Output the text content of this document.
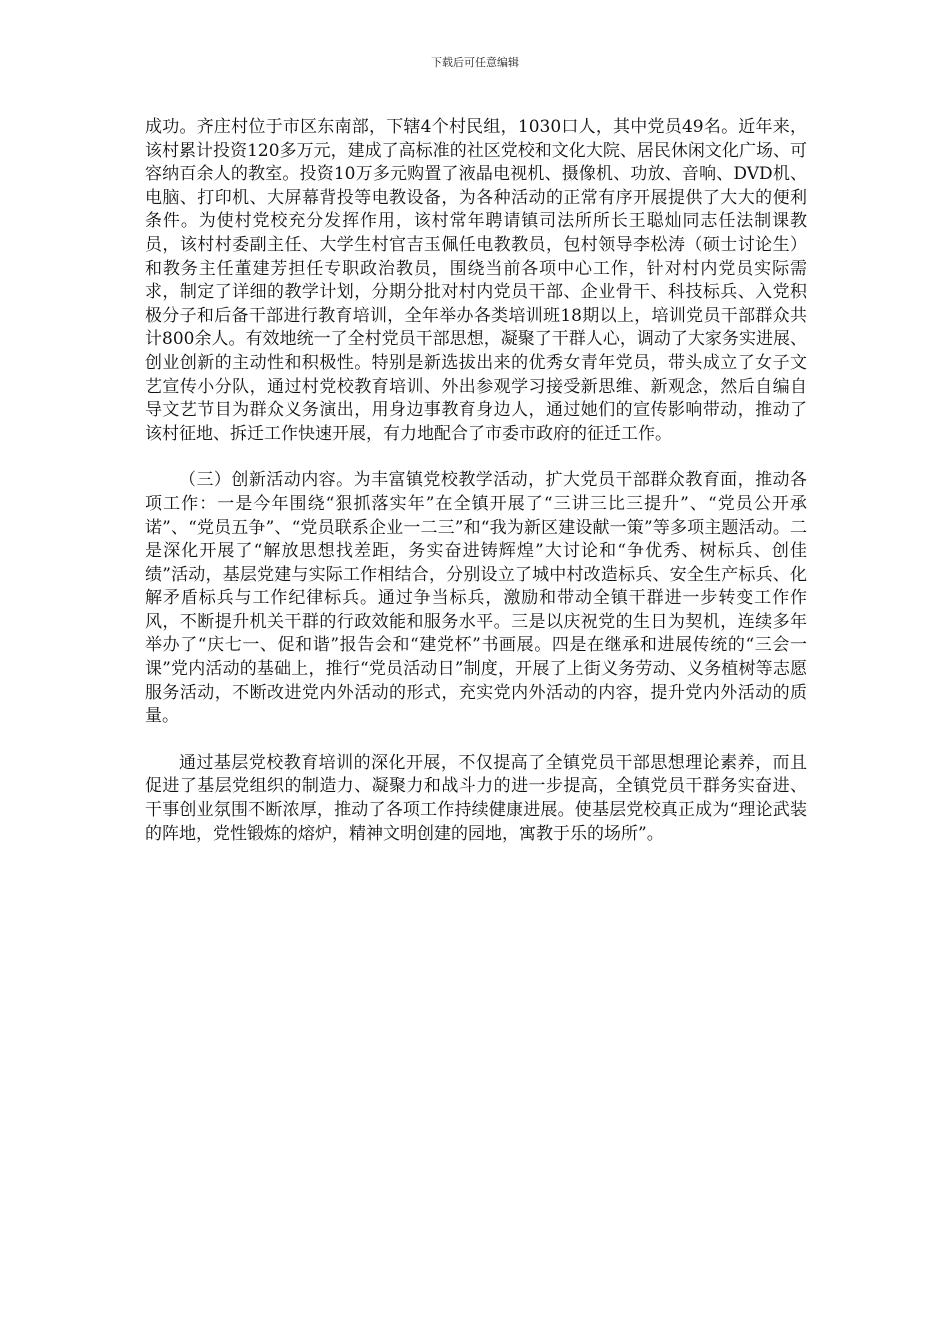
下载后可任意编辑

成功。齐庄村位于市区东南部，下辖4个村民组，1030口人，其中党员49名。近年来，该村累计投资120多万元，建成了高标准的社区党校和文化大院、居民休闲文化广场、可容纳百余人的教室。投资10万多元购置了液晶电视机、摄像机、功放、音响、DVD机、电脑、打印机、大屏幕背投等电教设备，为各种活动的正常有序开展提供了大大的便利条件。为使村党校充分发挥作用，该村常年聘请镇司法所所长王聪灿同志任法制课教员，该村村委副主任、大学生村官吉玉佩任电教教员，包村领导李松涛（硕士讨论生）和教务主任董建芳担任专职政治教员，围绕当前各项中心工作，针对村内党员实际需求，制定了详细的教学计划，分期分批对村内党员干部、企业骨干、科技标兵、入党积极分子和后备干部进行教育培训，全年举办各类培训班18期以上，培训党员干部群众共计800余人。有效地统一了全村党员干部思想，凝聚了干群人心，调动了大家务实进展、创业创新的主动性和积极性。特别是新选拔出来的优秀女青年党员，带头成立了女子文艺宣传小分队，通过村党校教育培训、外出参观学习接受新思维、新观念，然后自编自导文艺节目为群众义务演出，用身边事教育身边人，通过她们的宣传影响带动，推动了该村征地、拆迁工作快速开展，有力地配合了市委市政府的征迁工作。

（三）创新活动内容。为丰富镇党校教学活动，扩大党员干部群众教育面，推动各项工作：一是今年围绕“狠抓落实年”在全镇开展了“三讲三比三提升”、“党员公开承诺”、“党员五争”、“党员联系企业一二三”和“我为新区建设献一策”等多项主题活动。二是深化开展了“解放思想找差距，务实奋进铸辉煌”大讨论和“争优秀、树标兵、创佳绩”活动，基层党建与实际工作相结合，分别设立了城中村改造标兵、安全生产标兵、化解矛盾标兵与工作纪律标兵。通过争当标兵，激励和带动全镇干群进一步转变工作作风，不断提升机关干群的行政效能和服务水平。三是以庆祝党的生日为契机，连续多年举办了“庆七一、促和谐”报告会和“建党杯”书画展。四是在继承和进展传统的“三会一课”党内活动的基础上，推行“党员活动日”制度，开展了上街义务劳动、义务植树等志愿服务活动，不断改进党内外活动的形式，充实党内外活动的内容，提升党内外活动的质量。

通过基层党校教育培训的深化开展，不仅提高了全镇党员干部思想理论素养，而且促进了基层党组织的制造力、凝聚力和战斗力的进一步提高，全镇党员干群务实奋进、干事创业氛围不断浓厚，推动了各项工作持续健康进展。使基层党校真正成为“理论武装的阵地，党性锻炼的熔炉，精神文明创建的园地，寓教于乐的场所”。
